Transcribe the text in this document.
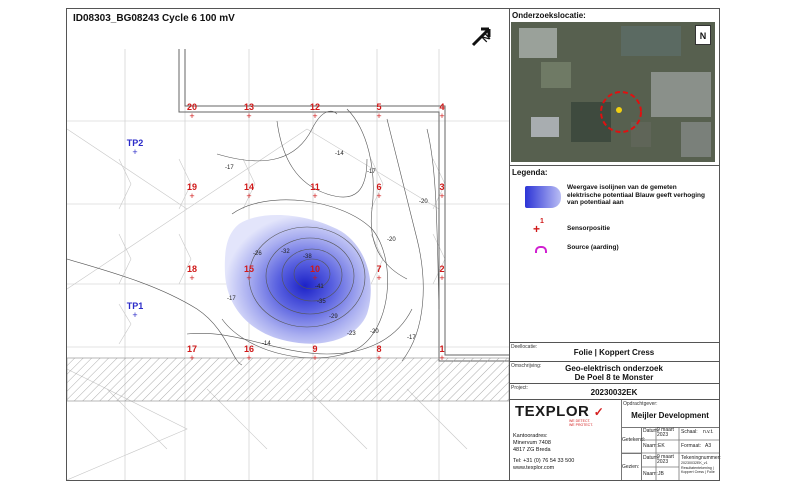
ID08303_BG08243 Cycle 6 100 mV
N
20
+
13
+
12
+
5
+
4
+
19
+
14
+
11
+
6
+
3
+
18
+
15
+
10
+
7
+
2
+
17
+
16
+
9
+
8
+
1
+
TP2
+
TP1
+
-17
-14
-17
-20
-20
-26	-32
-38
-17	-35
-29
-23 -20
-14
-17
-41
Onderzoekslocatie:
N
Legenda:
Weergave isolijnen van de gemeten elektrische potentiaal Blauw geeft verhoging van potentiaal aan
+
1
Sensorpositie
Source (aarding)
Deellocatie:
Folie | Koppert Cress
Omschrijving:	Geo-elektrisch onderzoek
De Poel 8 te Monster
Project:	20230032EK
TEXPLOR ✓
WE DETECT.
WE PROTECT.
Kantooradres:
Minervum 7408
4817 ZG Breda
Tel: +31 (0) 76 54 33 500
www.texplor.com
Opdrachtgever:
Meijler Development
Getekend:
Datum:
9 maart 2023	Schaal: n.v.t.
Naam: EK	Formaat: A3
Gezien:
Datum:
9 maart 2023
Naam: JB
Tekeningnummer:
20230032EK_v1 Resultatentekening | Koppert Cress | Folie
